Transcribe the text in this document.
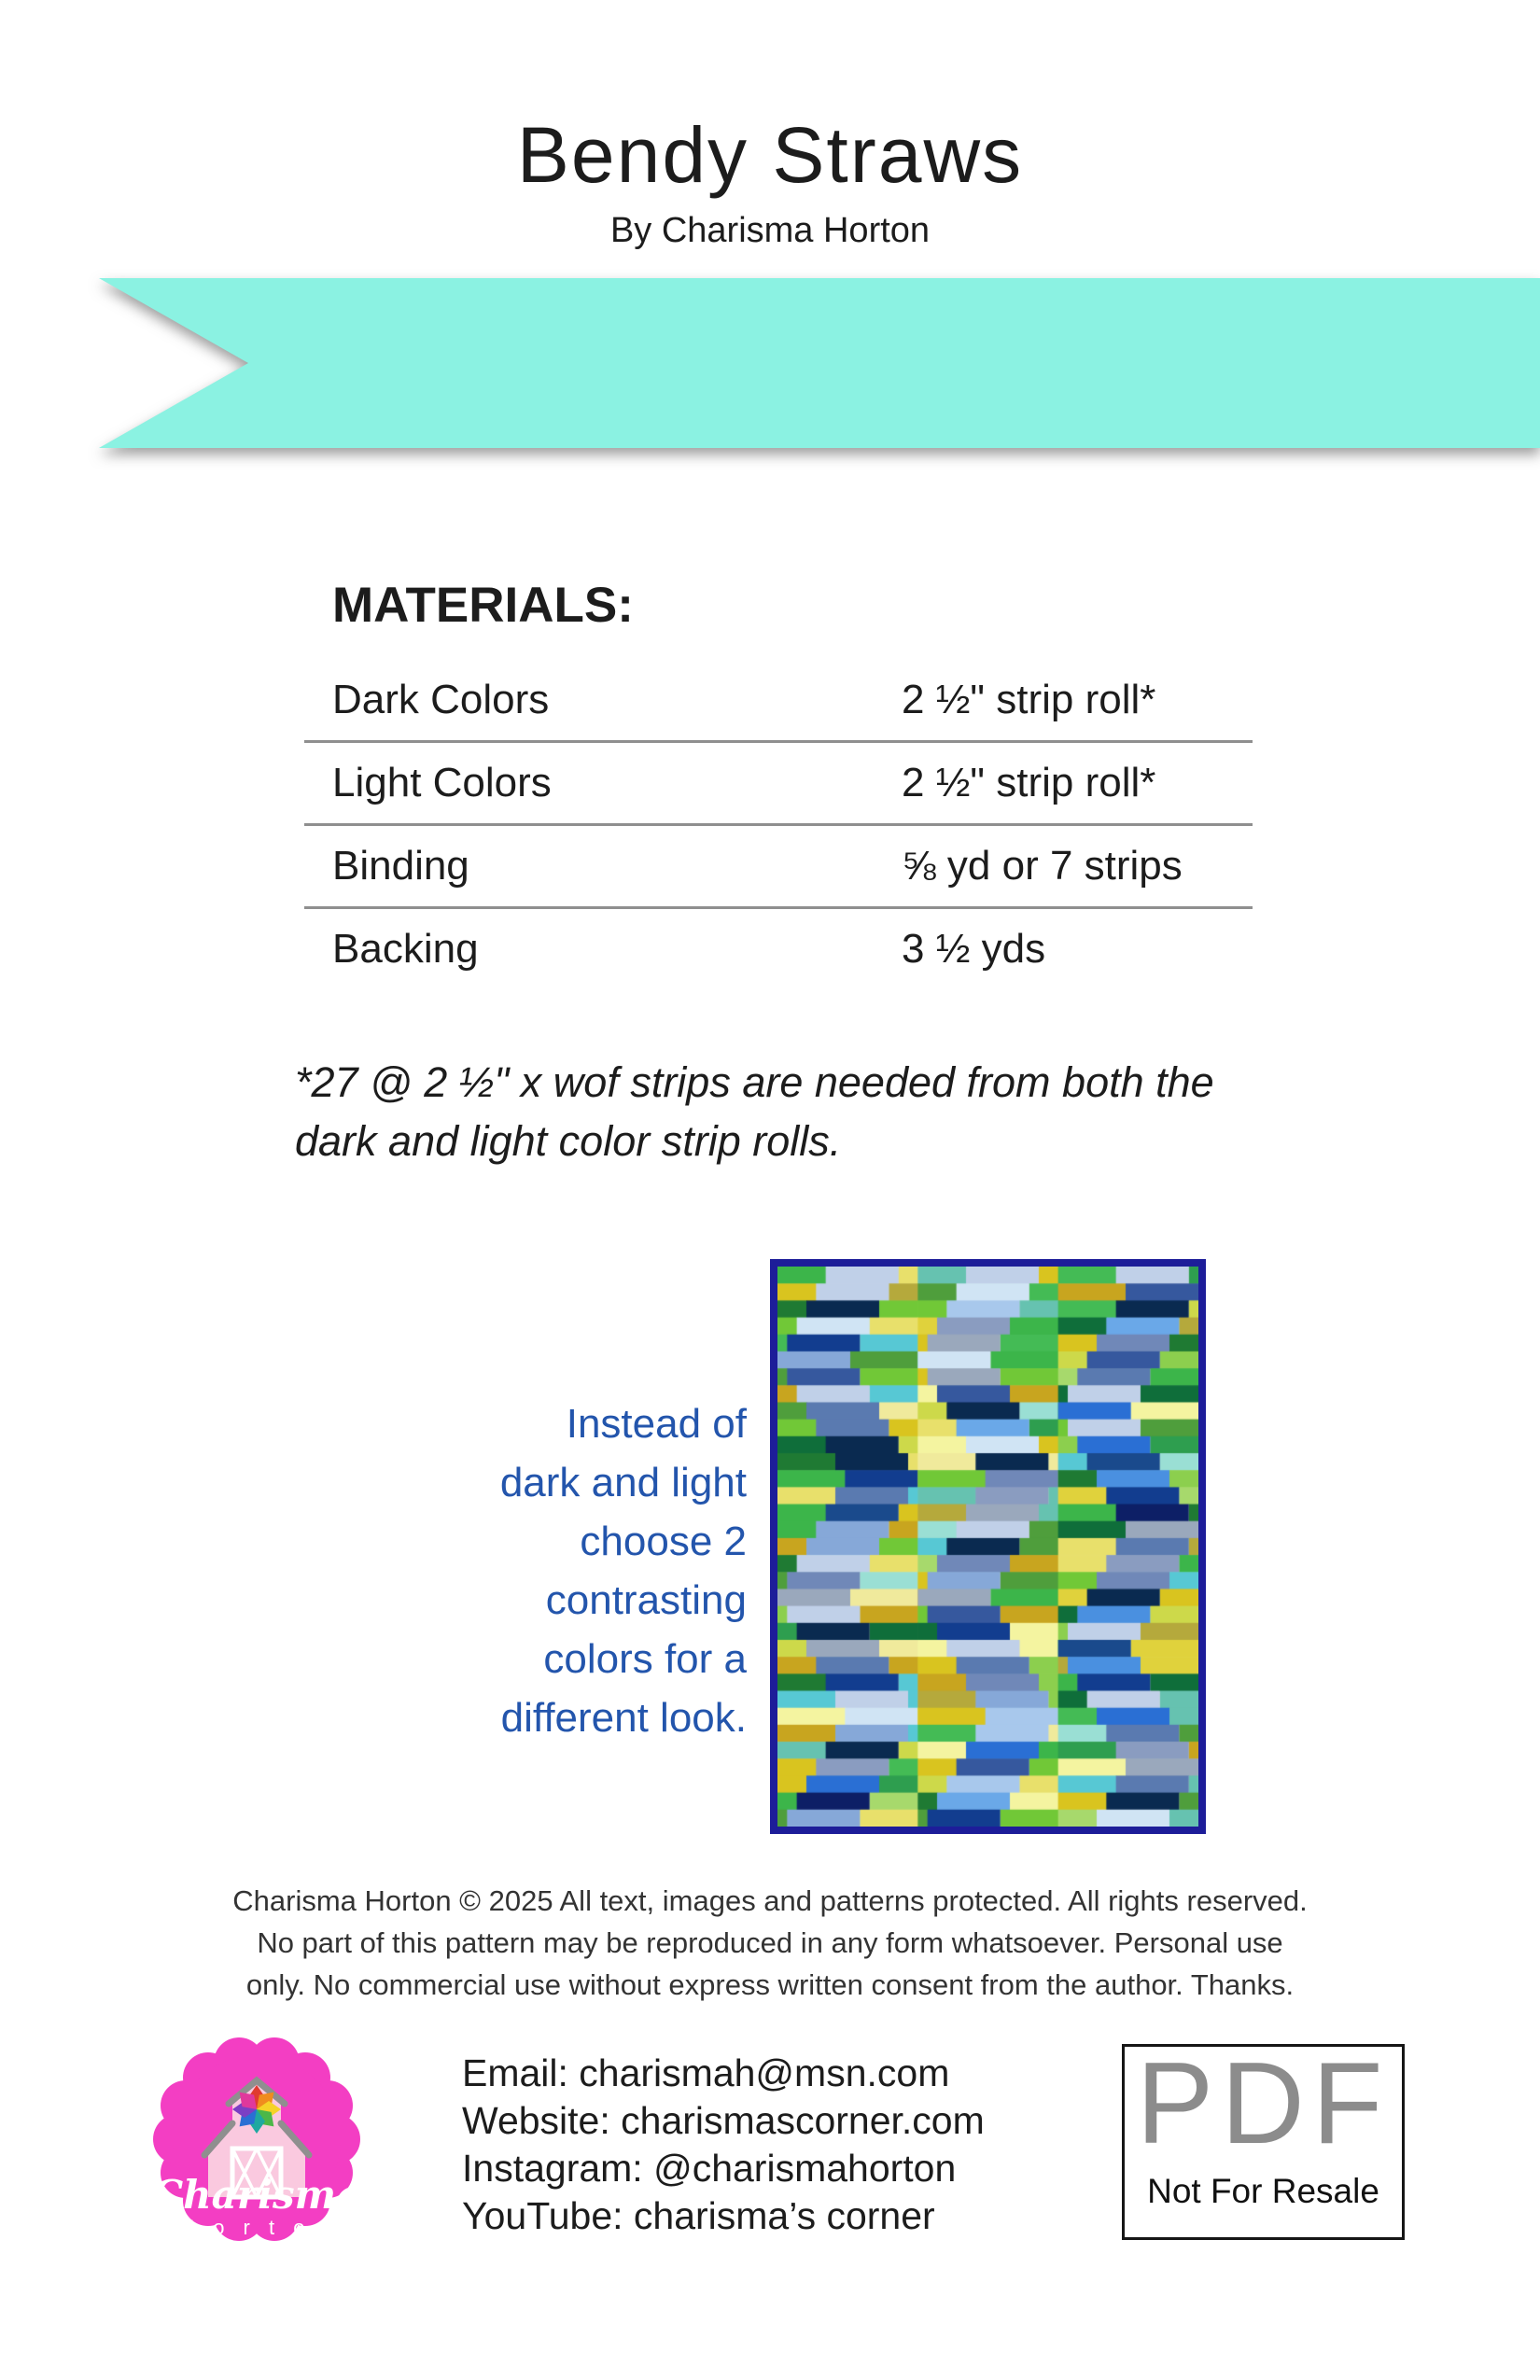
Bendy Straws
By Charisma Horton
MATERIALS:
Dark Colors	2 ½" strip roll*
Light Colors	2 ½" strip roll*
Binding	⅝ yd or 7 strips
Backing	3 ½ yds
*27 @ 2 ½" x wof strips are needed from both the
dark and light color strip rolls.
Instead of
dark and light
choose 2
contrasting
colors for a
different look.
Charisma Horton © 2025 All text, images and patterns protected. All rights reserved.
No part of this pattern may be reproduced in any form whatsoever. Personal use
only. No commercial use without express written consent from the author. Thanks.
Charisma
H o r t o n
Email: charismah@msn.com
Website: charismascorner.com
Instagram: @charismahorton
YouTube: charisma’s corner
PDF
Not For Resale
